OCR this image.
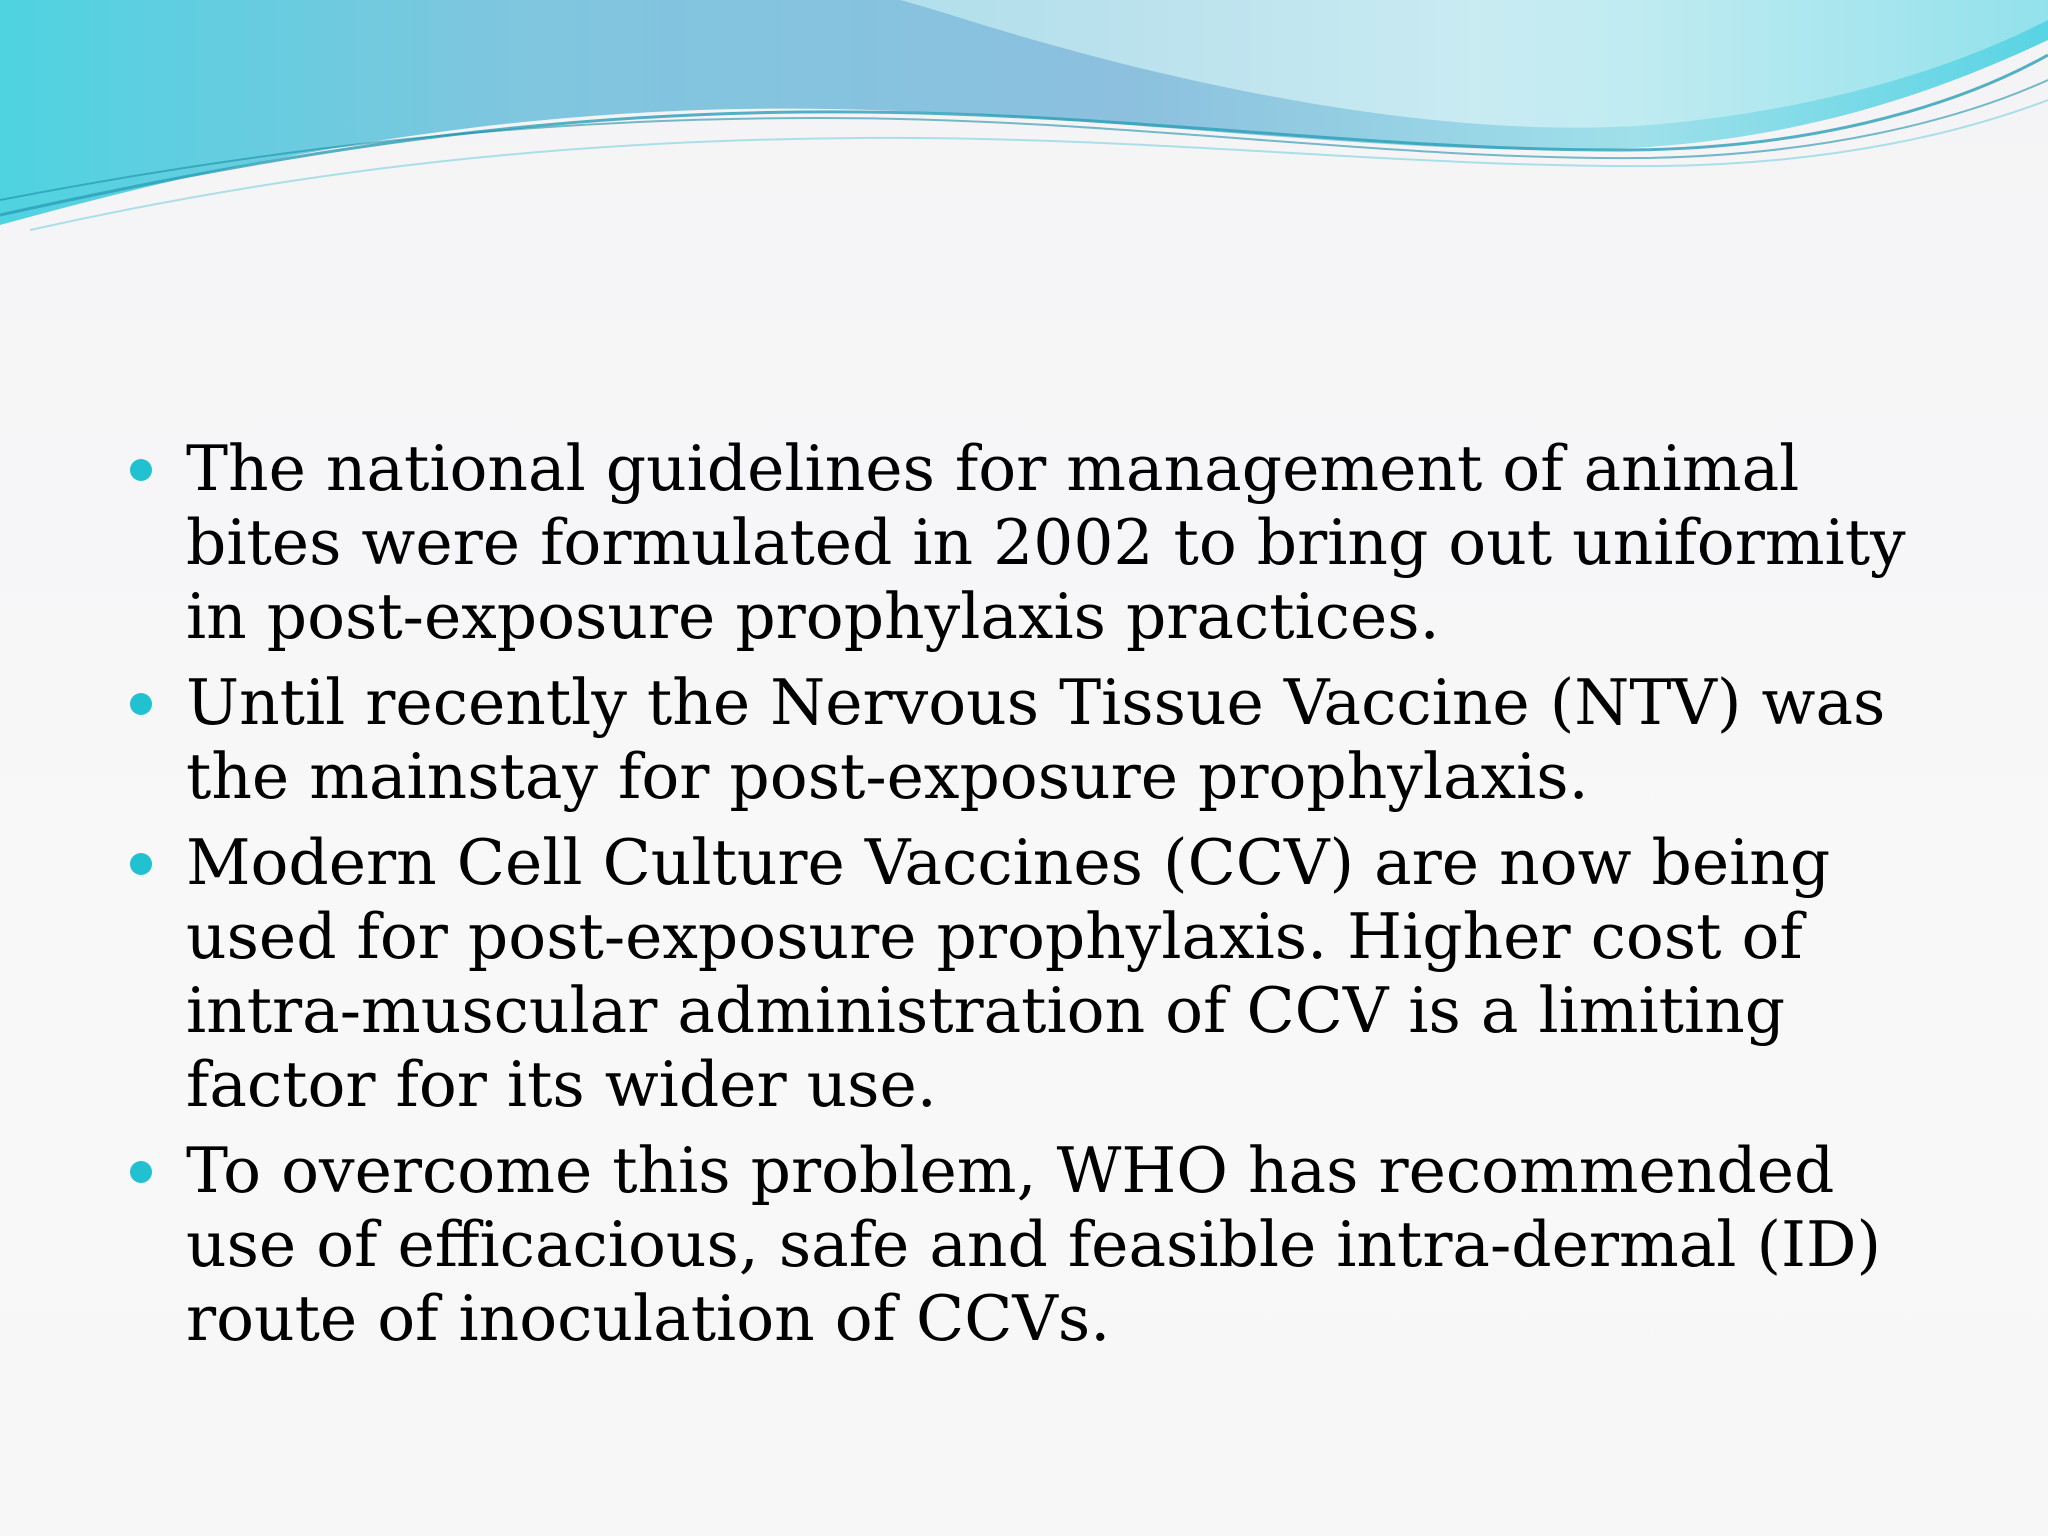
The national guidelines for management of animal bites were formulated in 2002 to bring out uniformity in post-exposure prophylaxis practices.
Until recently the Nervous Tissue Vaccine (NTV) was the mainstay for post-exposure prophylaxis.
Modern Cell Culture Vaccines (CCV) are now being used for post-exposure prophylaxis. Higher cost of intra-muscular administration of CCV is a limiting factor for its wider use.
To overcome this problem, WHO has recommended use of efficacious, safe and feasible intra-dermal (ID) route of inoculation of CCVs.
